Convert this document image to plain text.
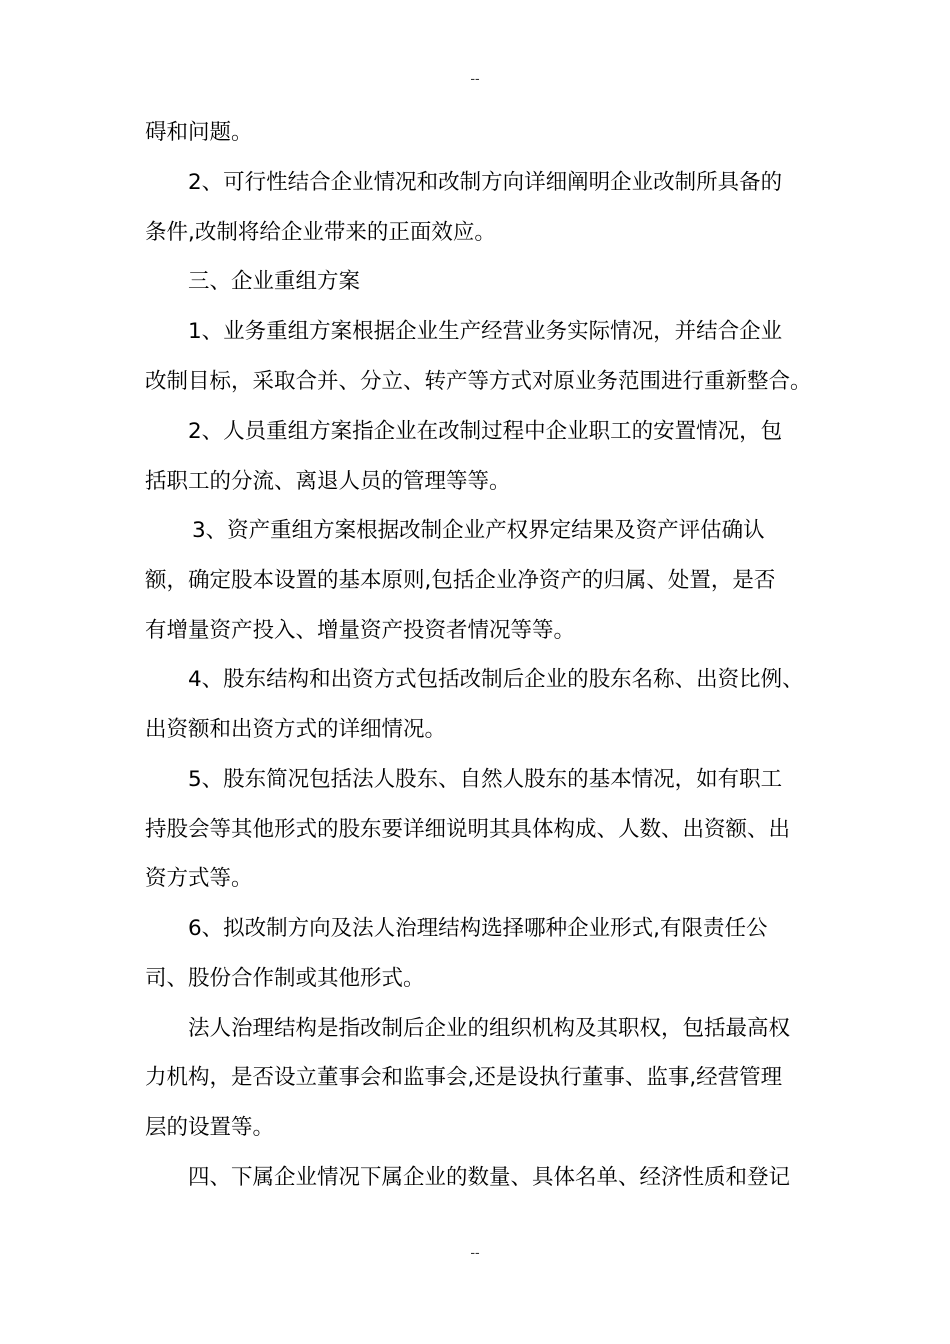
--
碍和问题。
2、可行性结合企业情况和改制方向详细阐明企业改制所具备的
条件,改制将给企业带来的正面效应。
三、企业重组方案
1、业务重组方案根据企业生产经营业务实际情况，并结合企业
改制目标，采取合并、分立、转产等方式对原业务范围进行重新整合。
2、人员重组方案指企业在改制过程中企业职工的安置情况，包
括职工的分流、离退人员的管理等等。
3、资产重组方案根据改制企业产权界定结果及资产评估确认
额，确定股本设置的基本原则,包括企业净资产的归属、处置，是否
有增量资产投入、增量资产投资者情况等等。
4、股东结构和出资方式包括改制后企业的股东名称、出资比例、
出资额和出资方式的详细情况。
5、股东简况包括法人股东、自然人股东的基本情况，如有职工
持股会等其他形式的股东要详细说明其具体构成、人数、出资额、出
资方式等。
6、拟改制方向及法人治理结构选择哪种企业形式,有限责任公
司、股份合作制或其他形式。
法人治理结构是指改制后企业的组织机构及其职权，包括最高权
力机构，是否设立董事会和监事会,还是设执行董事、监事,经营管理
层的设置等。
四、下属企业情况下属企业的数量、具体名单、经济性质和登记
--
